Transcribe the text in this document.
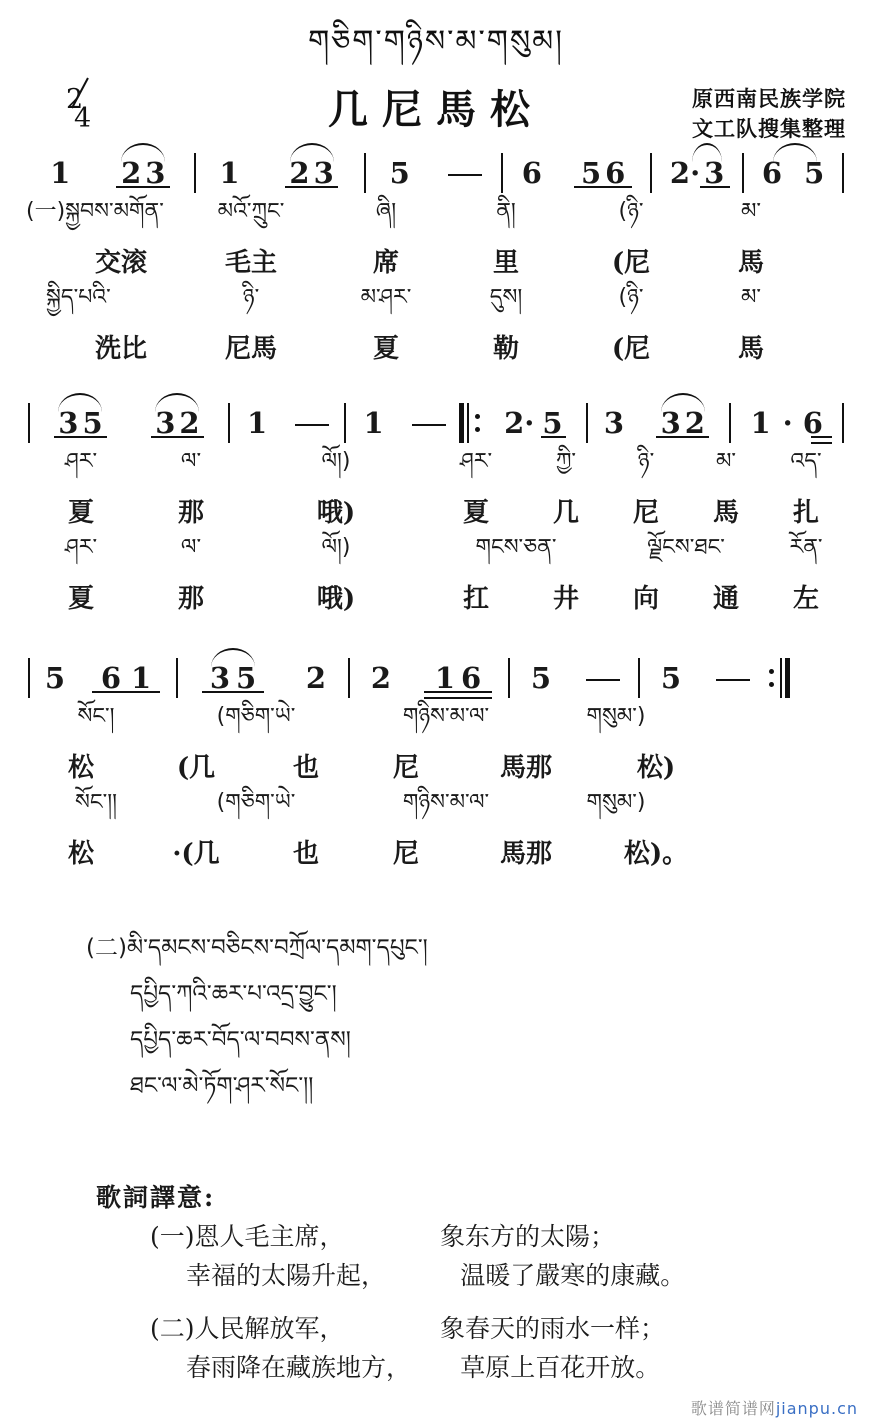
གཅིག་གཉིས་མ་གསུམ།
2
4	几尼馬松	原西南民族学院
文工队搜集整理
1	2 3	1	2 3	5	6	5 6	2· 3	6 5
(一)སྐྱབས་མགོན་	མའོ་ཀྲུང་	ཞི།	ནི།	(ཉི་	མ་
交滚	毛主	席	里	(尼	馬
སྐྱིད་པའི་	ཉི་	མ་ཤར་	དུས།	(ཉི་	མ་
洗比	尼馬	夏	勒	(尼	馬
3 5	3 2	1	1	2· 5	3	3 2	1 · 6
ཤར་	ལ་	ལོ།)	ཤར་	ཀྱི་	ཉི་	མ་	འད་
夏	那	哦)	夏	几	尼	馬	扎
ཤར་	ལ་	ལོ།)	གངས་ཅན་	ལྗོངས་ཐང་	རོན་
夏	那	哦)	扛	井	向	通	左
5	6 1	3 5	2	2	1 6	5	5
སོང་།	(གཅིག་ཡེ་	གཉིས་མ་ལ་	གསུམ་)
松	(几	也	尼	馬那	松)
སོང་།།	(གཅིག་ཡེ་	གཉིས་མ་ལ་	གསུམ་)
松	·(几	也	尼	馬那	松)。
(二)མི་དམངས་བཅིངས་བཀྲོལ་དམག་དཔུང་།
དཔྱིད་ཀའི་ཆར་པ་འདྲ་བྱུང་།
དཔྱིད་ཆར་བོད་ལ་བབས་ནས།
ཐང་ལ་མེ་ཏོག་ཤར་སོང་།།
歌詞譯意:
(一)恩人毛主席，	象东方的太陽；
幸福的太陽升起，	温暖了嚴寒的康藏。
(二)人民解放军，	象春天的雨水一样；
春雨降在藏族地方，	草原上百花开放。
歌谱简谱网jianpu.cn
